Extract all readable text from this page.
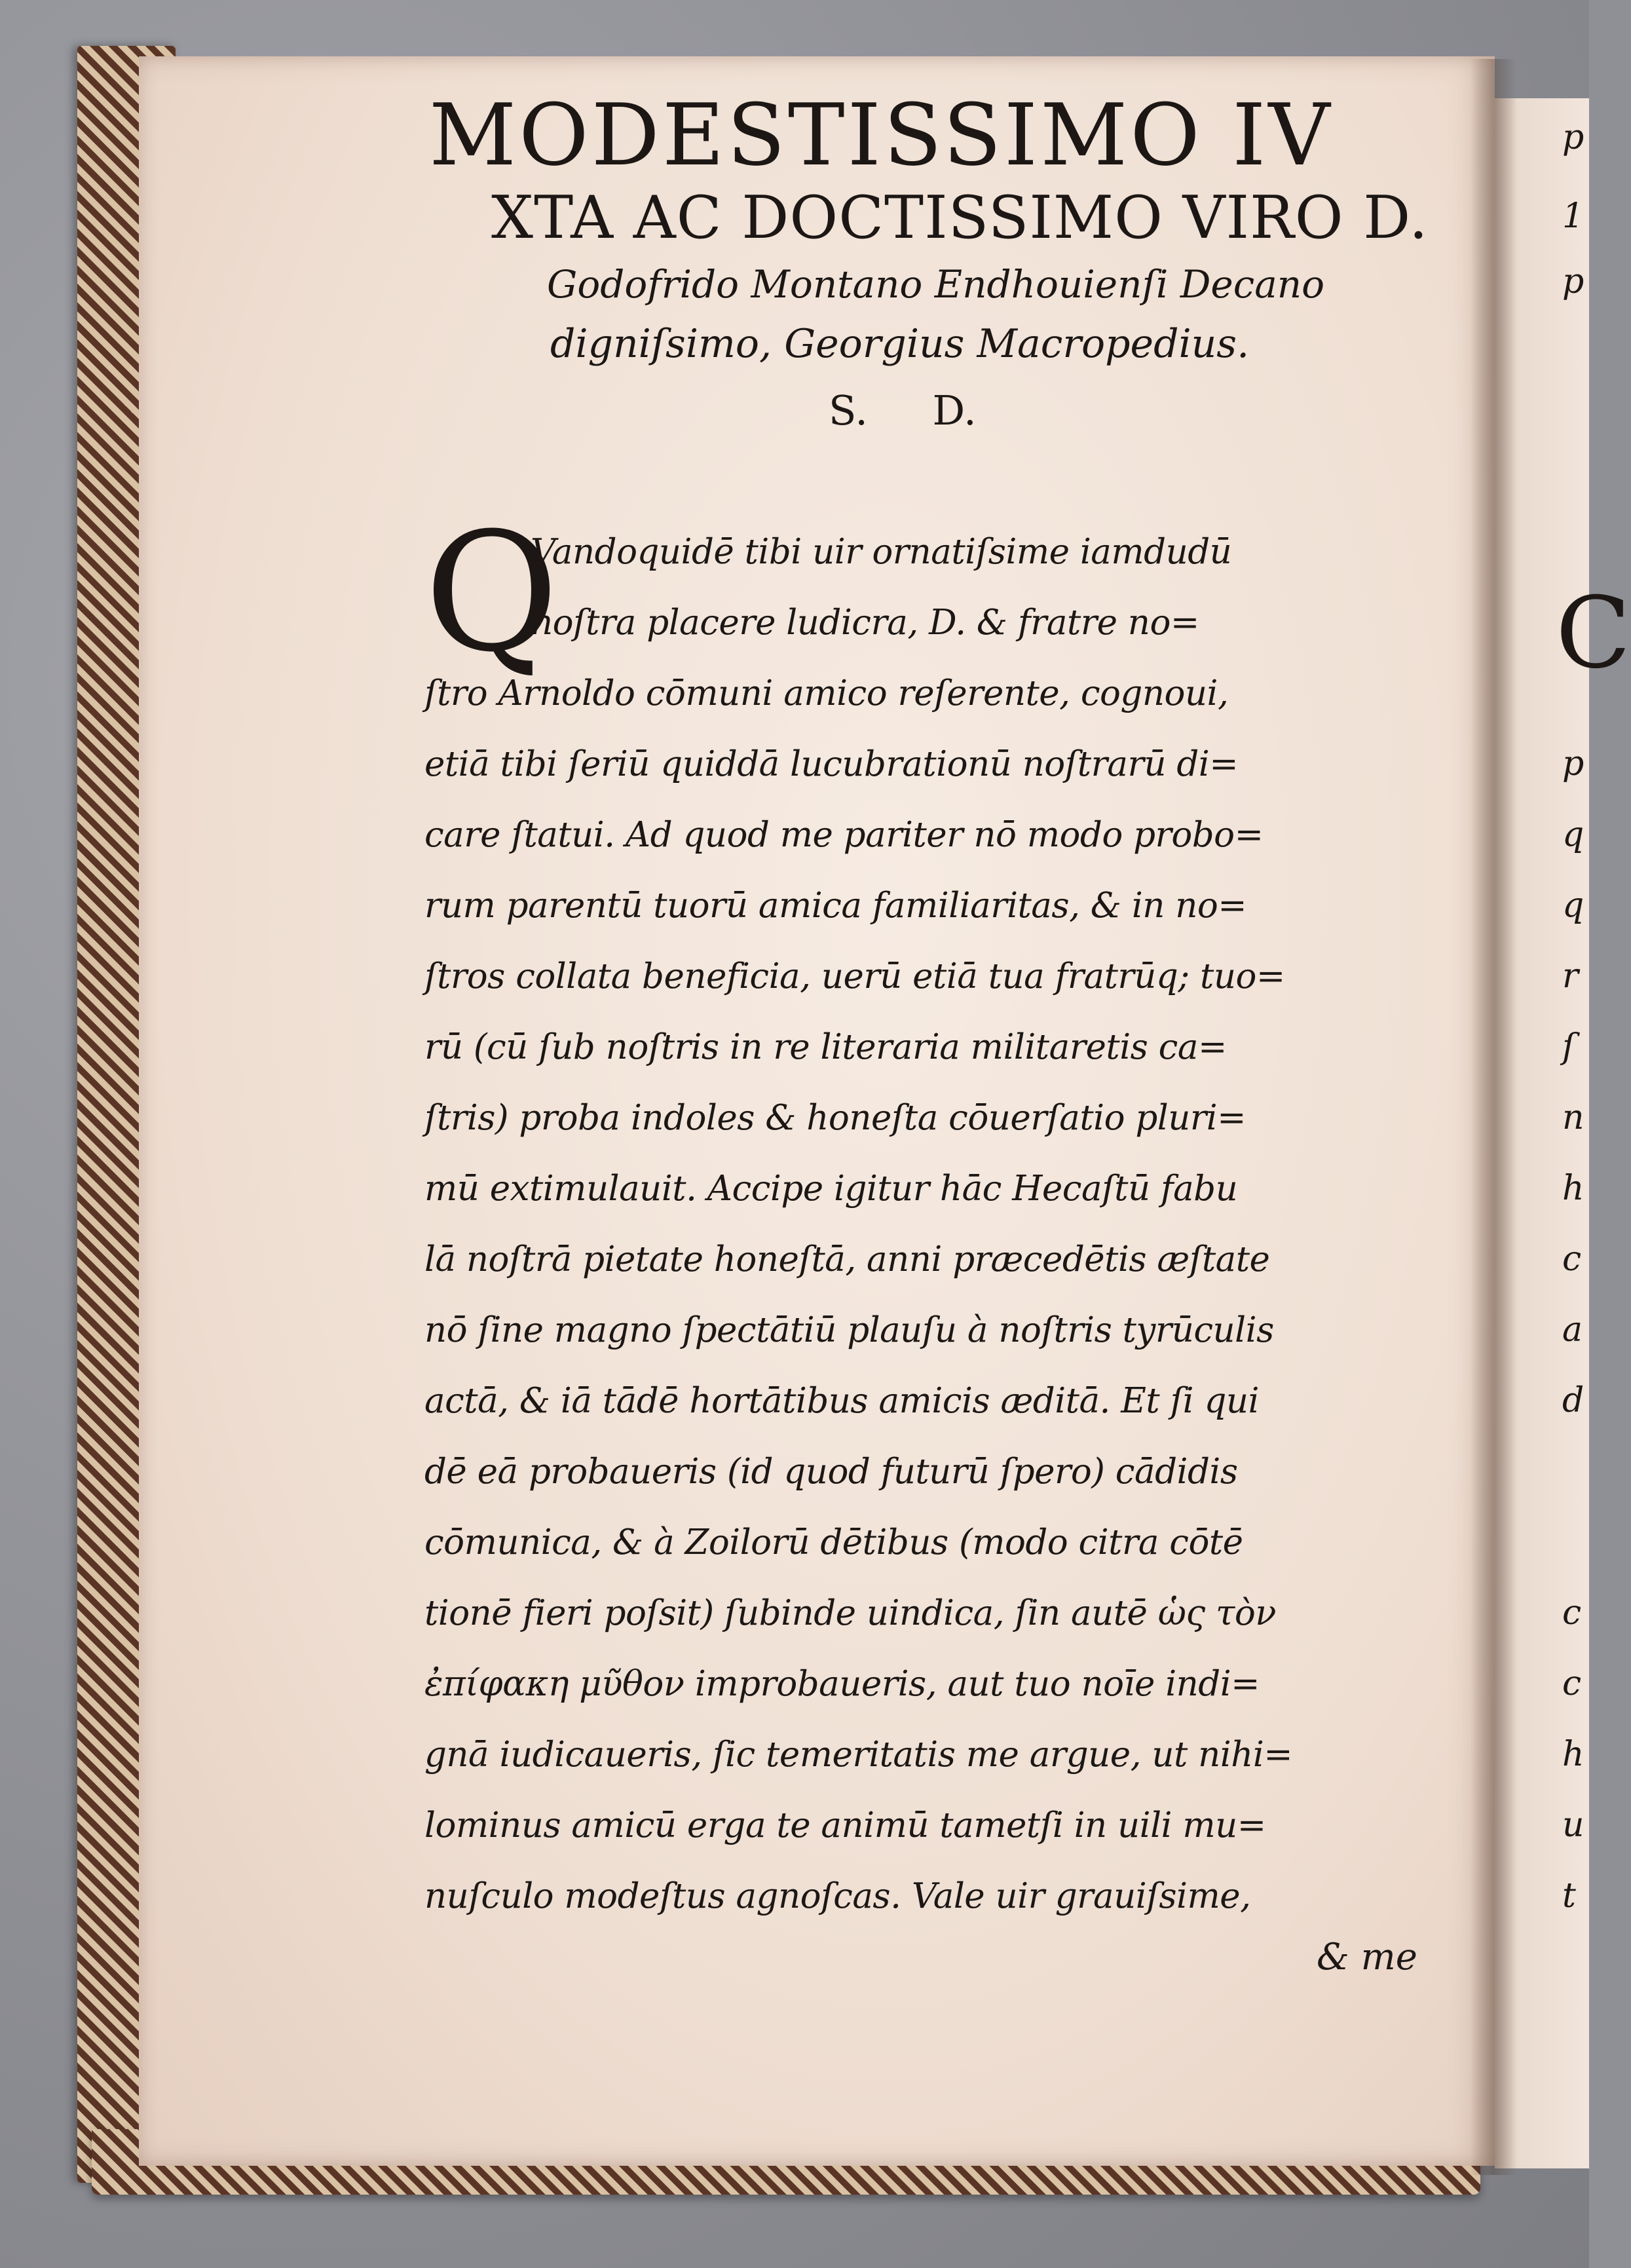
MODESTISSIMO IV
XTA AC DOCTISSIMO VIRO D.
Godofrido Montano Endhouienſi Decano
digniſsimo, Georgius Macropedius.
S.     D.
Q
Vandoquidē tibi uir ornatiſsime iamdudū
noſtra placere ludicra, D. & fratre no=
ſtro Arnoldo cōmuni amico reſerente, cognoui,
etiā tibi ſeriū quiddā lucubrationū noſtrarū di=
care ſtatui. Ad quod me pariter nō modo probo=
rum parentū tuorū amica familiaritas, & in no=
ſtros collata beneficia, uerū etiā tua fratrūq; tuo=
rū (cū ſub noſtris in re literaria militaretis ca=
ſtris) proba indoles & honeſta cōuerſatio pluri=
mū extimulauit. Accipe igitur hāc Hecaſtū fabu
lā noſtrā pietate honeſtā, anni præcedētis æſtate
nō ſine magno ſpectātiū plauſu à noſtris tyrūculis
actā, & iā tādē hortātibus amicis æditā. Et ſi qui
dē eā probaueris (id quod futurū ſpero) cādidis
cōmunica, & à Zoilorū dētibus (modo citra cōtē
tionē fieri poſsit) ſubinde uindica, ſin autē ὡς τὸν
ἐπίφακη μῦθον improbaueris, aut tuo noīe indi=
gnā iudicaueris, ſic temeritatis me argue, ut nihi=
lominus amicū erga te animū tametſi in uili mu=
nuſculo modeſtus agnoſcas. Vale uir grauiſsime,
& me
p
1
p
C
p
q
q
r
ſ
n
h
c
a
d
c
c
h
u
t
